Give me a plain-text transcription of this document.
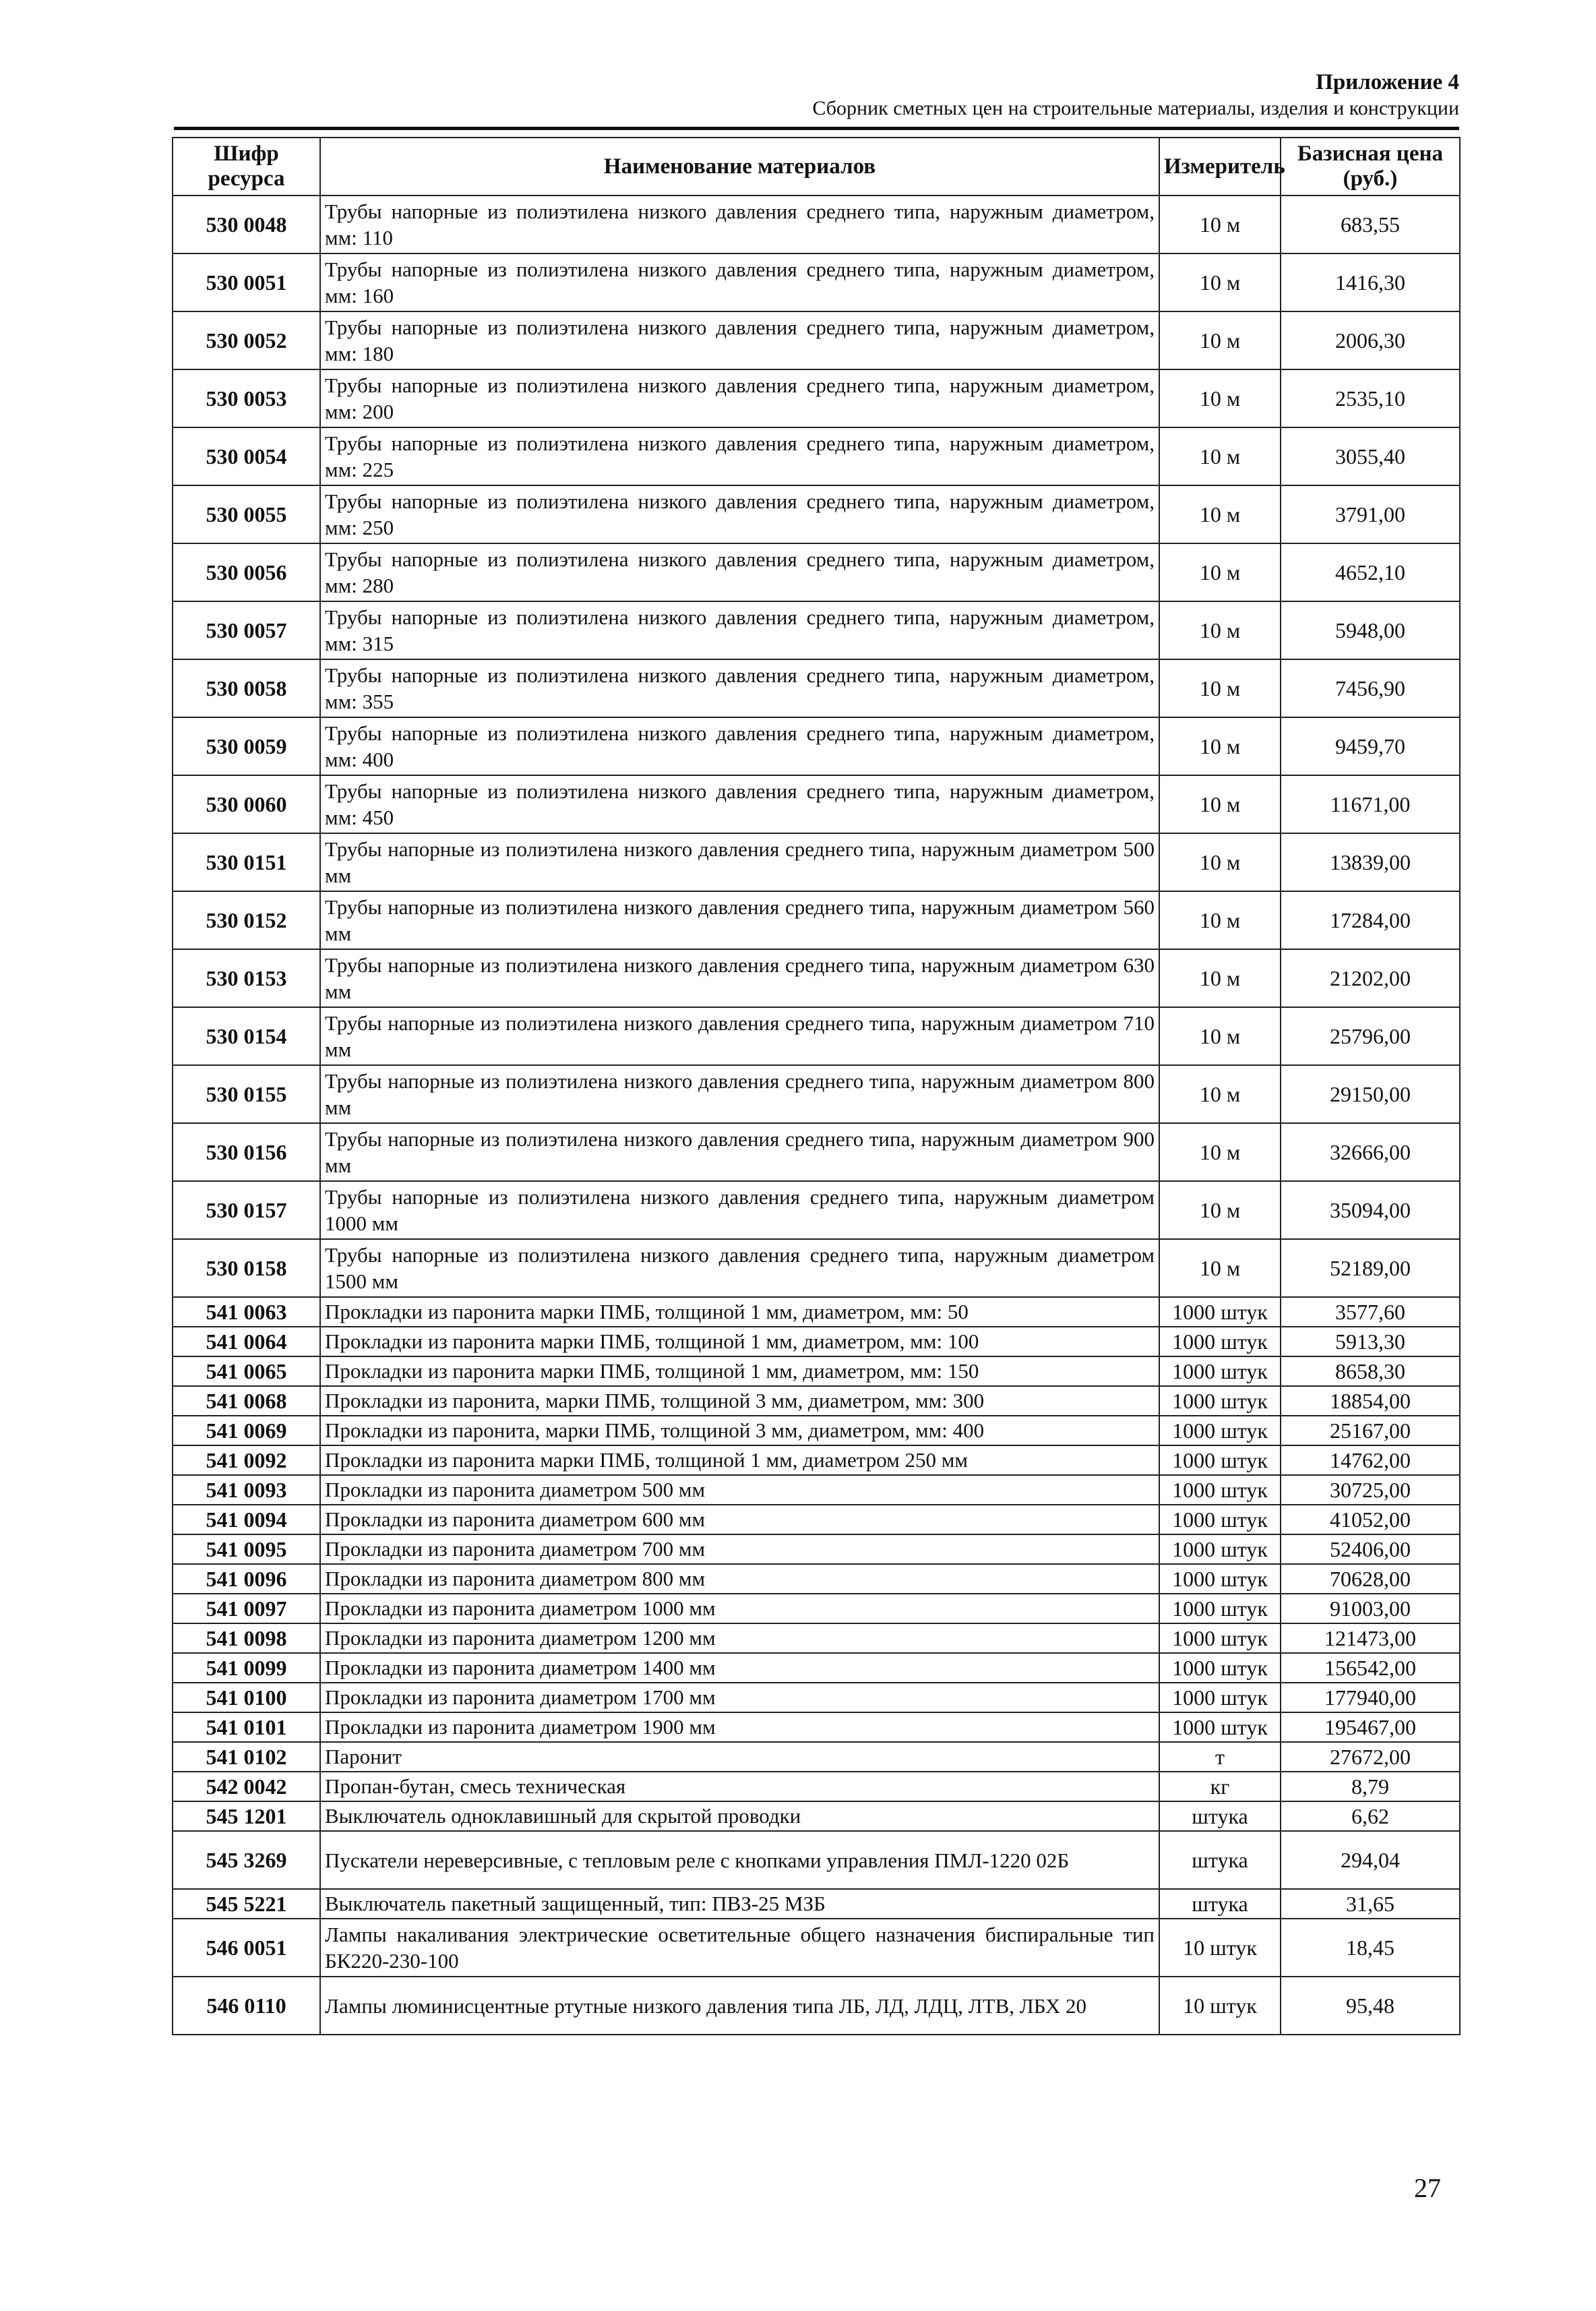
Приложение 4
Сборник сметных цен на строительные материалы, изделия и конструкции
Шифр ресурса	Наименование материалов	Измеритель	Базисная цена (руб.)
530 0048	Трубы напорные из полиэтилена низкого давления среднего типа, наружным диаметром, мм: 110	10 м	683,55
530 0051	Трубы напорные из полиэтилена низкого давления среднего типа, наружным диаметром, мм: 160	10 м	1416,30
530 0052	Трубы напорные из полиэтилена низкого давления среднего типа, наружным диаметром, мм: 180	10 м	2006,30
530 0053	Трубы напорные из полиэтилена низкого давления среднего типа, наружным диаметром, мм: 200	10 м	2535,10
530 0054	Трубы напорные из полиэтилена низкого давления среднего типа, наружным диаметром, мм: 225	10 м	3055,40
530 0055	Трубы напорные из полиэтилена низкого давления среднего типа, наружным диаметром, мм: 250	10 м	3791,00
530 0056	Трубы напорные из полиэтилена низкого давления среднего типа, наружным диаметром, мм: 280	10 м	4652,10
530 0057	Трубы напорные из полиэтилена низкого давления среднего типа, наружным диаметром, мм: 315	10 м	5948,00
530 0058	Трубы напорные из полиэтилена низкого давления среднего типа, наружным диаметром, мм: 355	10 м	7456,90
530 0059	Трубы напорные из полиэтилена низкого давления среднего типа, наружным диаметром, мм: 400	10 м	9459,70
530 0060	Трубы напорные из полиэтилена низкого давления среднего типа, наружным диаметром, мм: 450	10 м	11671,00
530 0151	Трубы напорные из полиэтилена низкого давления среднего типа, наружным диаметром 500 мм	10 м	13839,00
530 0152	Трубы напорные из полиэтилена низкого давления среднего типа, наружным диаметром 560 мм	10 м	17284,00
530 0153	Трубы напорные из полиэтилена низкого давления среднего типа, наружным диаметром 630 мм	10 м	21202,00
530 0154	Трубы напорные из полиэтилена низкого давления среднего типа, наружным диаметром 710 мм	10 м	25796,00
530 0155	Трубы напорные из полиэтилена низкого давления среднего типа, наружным диаметром 800 мм	10 м	29150,00
530 0156	Трубы напорные из полиэтилена низкого давления среднего типа, наружным диаметром 900 мм	10 м	32666,00
530 0157	Трубы напорные из полиэтилена низкого давления среднего типа, наружным диаметром 1000 мм	10 м	35094,00
530 0158	Трубы напорные из полиэтилена низкого давления среднего типа, наружным диаметром 1500 мм	10 м	52189,00
541 0063	Прокладки из паронита марки ПМБ, толщиной 1 мм, диаметром, мм: 50	1000 штук	3577,60
541 0064	Прокладки из паронита марки ПМБ, толщиной 1 мм, диаметром, мм: 100	1000 штук	5913,30
541 0065	Прокладки из паронита марки ПМБ, толщиной 1 мм, диаметром, мм: 150	1000 штук	8658,30
541 0068	Прокладки из паронита, марки ПМБ, толщиной 3 мм, диаметром, мм: 300	1000 штук	18854,00
541 0069	Прокладки из паронита, марки ПМБ, толщиной 3 мм, диаметром, мм: 400	1000 штук	25167,00
541 0092	Прокладки из паронита марки ПМБ, толщиной 1 мм, диаметром 250 мм	1000 штук	14762,00
541 0093	Прокладки из паронита диаметром 500 мм	1000 штук	30725,00
541 0094	Прокладки из паронита диаметром 600 мм	1000 штук	41052,00
541 0095	Прокладки из паронита диаметром 700 мм	1000 штук	52406,00
541 0096	Прокладки из паронита диаметром 800 мм	1000 штук	70628,00
541 0097	Прокладки из паронита диаметром 1000 мм	1000 штук	91003,00
541 0098	Прокладки из паронита диаметром 1200 мм	1000 штук	121473,00
541 0099	Прокладки из паронита диаметром 1400 мм	1000 штук	156542,00
541 0100	Прокладки из паронита диаметром 1700 мм	1000 штук	177940,00
541 0101	Прокладки из паронита диаметром 1900 мм	1000 штук	195467,00
541 0102	Паронит	т	27672,00
542 0042	Пропан-бутан, смесь техническая	кг	8,79
545 1201	Выключатель одноклавишный для скрытой проводки	штука	6,62
545 3269	Пускатели нереверсивные, с тепловым реле с кнопками управления ПМЛ-1220 02Б	штука	294,04
545 5221	Выключатель пакетный защищенный, тип: ПВЗ-25 МЗБ	штука	31,65
546 0051	Лампы накаливания электрические осветительные общего назначения биспиральные тип БК220-230-100	10 штук	18,45
546 0110	Лампы люминисцентные ртутные низкого давления типа ЛБ, ЛД, ЛДЦ, ЛТВ, ЛБХ 20	10 штук	95,48
27
